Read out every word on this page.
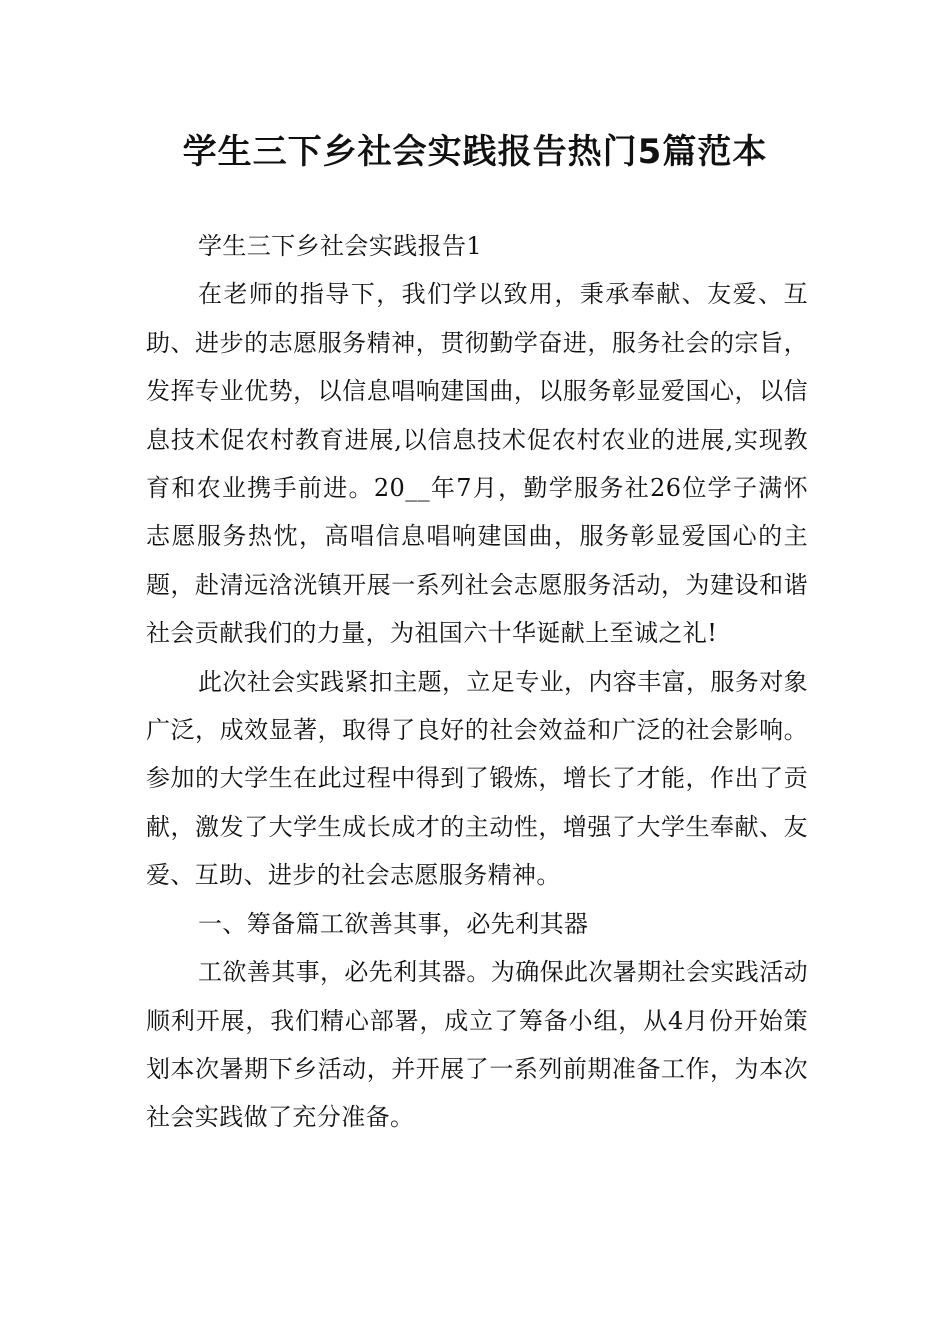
学生三下乡社会实践报告热门5篇范本

学生三下乡社会实践报告1

在老师的指导下，我们学以致用，秉承奉献、友爱、互助、进步的志愿服务精神，贯彻勤学奋进，服务社会的宗旨，发挥专业优势，以信息唱响建国曲，以服务彰显爱国心，以信息技术促农村教育进展,以信息技术促农村农业的进展,实现教育和农业携手前进。20__年7月，勤学服务社26位学子满怀志愿服务热忱，高唱信息唱响建国曲，服务彰显爱国心的主题，赴清远浛洸镇开展一系列社会志愿服务活动，为建设和谐社会贡献我们的力量，为祖国六十华诞献上至诚之礼!

此次社会实践紧扣主题，立足专业，内容丰富，服务对象广泛，成效显著，取得了良好的社会效益和广泛的社会影响。参加的大学生在此过程中得到了锻炼，增长了才能，作出了贡献，激发了大学生成长成才的主动性，增强了大学生奉献、友爱、互助、进步的社会志愿服务精神。

一、筹备篇工欲善其事，必先利其器

工欲善其事，必先利其器。为确保此次暑期社会实践活动顺利开展，我们精心部署，成立了筹备小组，从4月份开始策划本次暑期下乡活动，并开展了一系列前期准备工作，为本次社会实践做了充分准备。
